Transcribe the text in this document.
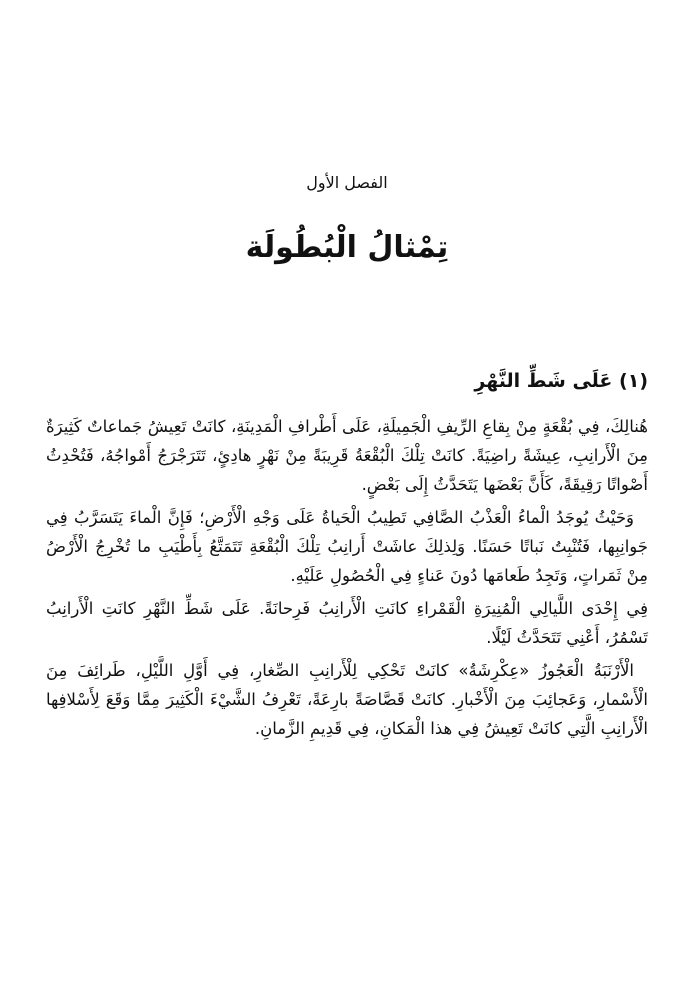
الفصل الأول
تِمْثالُ الْبُطُولَة
(١) عَلَى شَطِّ النَّهْرِ

هُنالِكَ، فِي بُقْعَةٍ مِنْ بِقاعِ الرِّيفِ الْجَمِيلَةِ، عَلَى أَطْرافِ الْمَدِينَةِ، كانَتْ تَعِيشُ جَماعاتٌ كَثِيرَةٌ مِنَ الْأَرانِبِ، عِيشَةً راضِيَةً. كانَتْ تِلْكَ الْبُقْعَةُ قَرِيبَةً مِنْ نَهْرٍ هادِئٍ، تَتَرَجْرَجُ أَمْواجُهُ، فَتُحْدِثُ أَصْواتًا رَقِيقَةً، كَأَنَّ بَعْضَها يَتَحَدَّثُ إِلَى بَعْضٍ.

وَحَيْثُ يُوجَدُ الْماءُ الْعَذْبُ الصَّافِي تَطِيبُ الْحَياةُ عَلَى وَجْهِ الْأَرْضِ؛ فَإِنَّ الْماءَ يَتَسَرَّبُ فِي جَوانِبِها، فَتُنْبِتُ نَباتًا حَسَنًا. وَلِذلِكَ عاشَتْ أَرانِبُ تِلْكَ الْبُقْعَةِ تَتَمَتَّعُ بِأَطْيَبِ ما تُخْرِجُ الْأَرْضُ مِنْ ثَمَراتٍ، وَتَجِدُ طَعامَها دُونَ عَناءٍ فِي الْحُصُولِ عَلَيْهِ.

فِي إِحْدَى اللَّيالِي الْمُنِيرَةِ الْقَمْراءِ كانَتِ الْأَرانِبُ فَرِحانَةً. عَلَى شَطِّ النَّهْرِ كانَتِ الْأَرانِبُ تَسْمُرُ، أَعْنِي تَتَحَدَّثُ لَيْلًا.

الْأَرْنَبَةُ الْعَجُوزُ «عِكْرِشَةُ» كانَتْ تَحْكِي لِلْأَرانِبِ الصِّغارِ، فِي أَوَّلِ اللَّيْلِ، طَرائِفَ مِنَ الْأَسْمارِ، وَعَجائِبَ مِنَ الْأَخْبارِ. كانَتْ قَصَّاصَةً بارِعَةً، تَعْرِفُ الشَّيْءَ الْكَثِيرَ مِمَّا وَقَعَ لِأَسْلافِها الْأَرانِبِ الَّتِي كانَتْ تَعِيشُ فِي هذا الْمَكانِ، فِي قَدِيمِ الزَّمانِ.
